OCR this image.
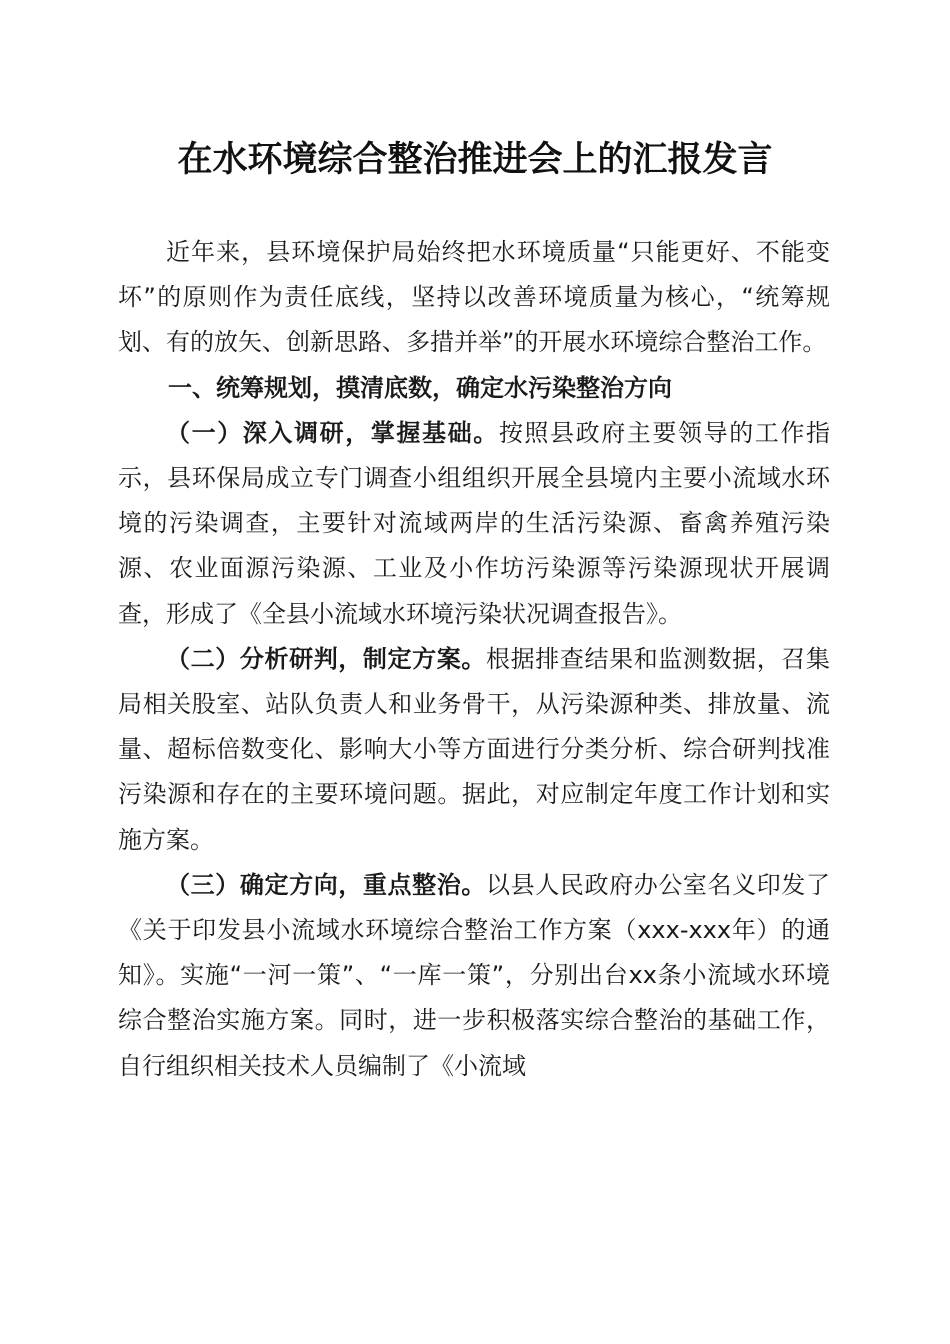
在水环境综合整治推进会上的汇报发言

近年来，县环境保护局始终把水环境质量“只能更好、不能变坏”的原则作为责任底线，坚持以改善环境质量为核心，“统筹规划、有的放矢、创新思路、多措并举”的开展水环境综合整治工作。

一、统筹规划，摸清底数，确定水污染整治方向

（一）深入调研，掌握基础。按照县政府主要领导的工作指示，县环保局成立专门调查小组组织开展全县境内主要小流域水环境的污染调查，主要针对流域两岸的生活污染源、畜禽养殖污染源、农业面源污染源、工业及小作坊污染源等污染源现状开展调查，形成了《全县小流域水环境污染状况调查报告》。

（二）分析研判，制定方案。根据排查结果和监测数据，召集局相关股室、站队负责人和业务骨干，从污染源种类、排放量、流量、超标倍数变化、影响大小等方面进行分类分析、综合研判找准污染源和存在的主要环境问题。据此，对应制定年度工作计划和实施方案。

（三）确定方向，重点整治。以县人民政府办公室名义印发了《关于印发县小流域水环境综合整治工作方案（xxx-xxx年）的通知》。实施“一河一策”、“一库一策”，分别出台xx条小流域水环境综合整治实施方案。同时，进一步积极落实综合整治的基础工作，自行组织相关技术人员编制了《小流域
